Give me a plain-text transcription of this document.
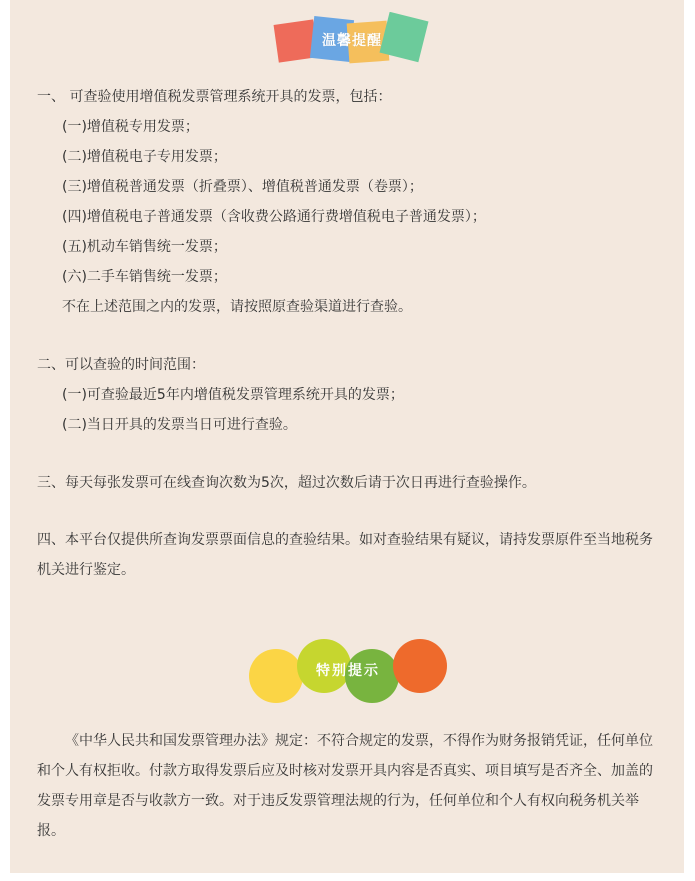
温馨提醒
一、 可查验使用增值税发票管理系统开具的发票，包括：
(一)增值税专用发票；
(二)增值税电子专用发票；
(三)增值税普通发票（折叠票）、增值税普通发票（卷票）；
(四)增值税电子普通发票（含收费公路通行费增值税电子普通发票）；
(五)机动车销售统一发票；
(六)二手车销售统一发票；
不在上述范围之内的发票，请按照原查验渠道进行查验。
二、可以查验的时间范围：
(一)可查验最近5年内增值税发票管理系统开具的发票；
(二)当日开具的发票当日可进行查验。
三、每天每张发票可在线查询次数为5次，超过次数后请于次日再进行查验操作。
四、本平台仅提供所查询发票票面信息的查验结果。如对查验结果有疑议，请持发票原件至当地税务机关进行鉴定。
特别提示
《中华人民共和国发票管理办法》规定：不符合规定的发票，不得作为财务报销凭证，任何单位和个人有权拒收。付款方取得发票后应及时核对发票开具内容是否真实、项目填写是否齐全、加盖的发票专用章是否与收款方一致。对于违反发票管理法规的行为，任何单位和个人有权向税务机关举报。
